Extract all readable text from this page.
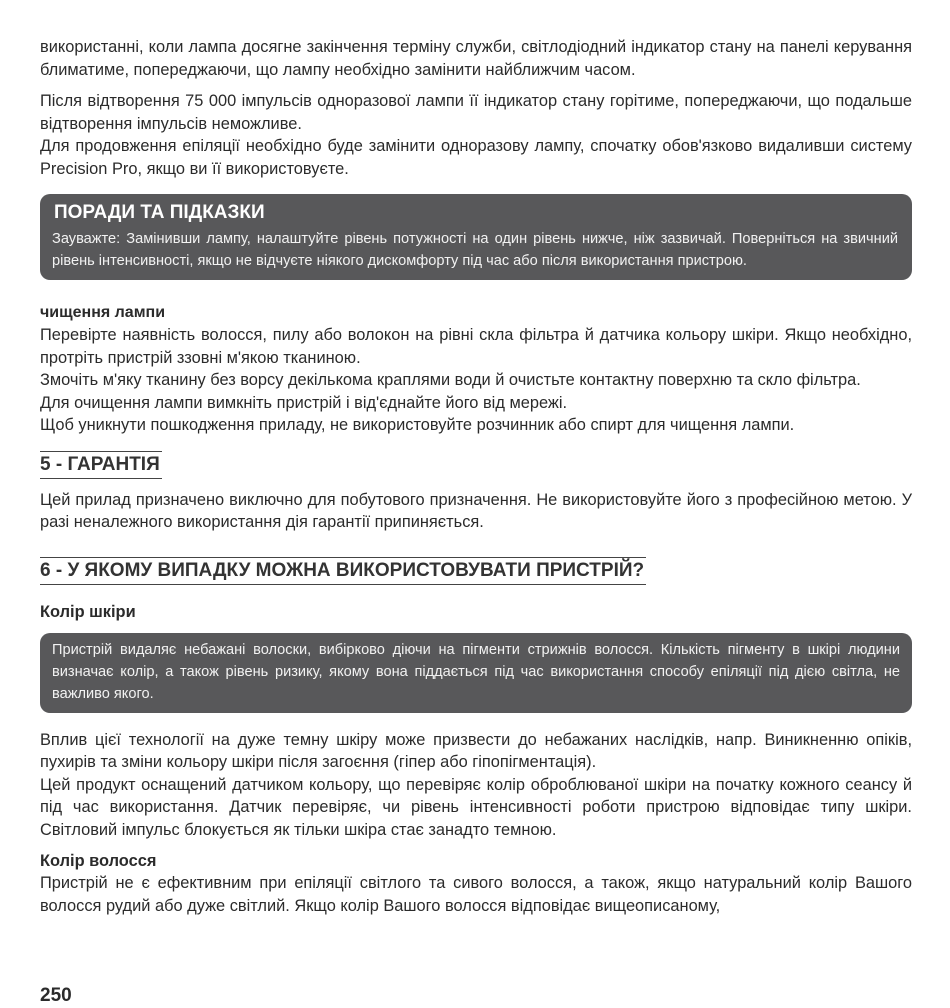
використанні, коли лампа досягне закінчення терміну служби, світлодіодний індикатор стану на панелі керування блиматиме, попереджаючи, що лампу необхідно замінити найближчим часом.

Після відтворення 75 000 імпульсів одноразової лампи її індикатор стану горітиме, попереджаючи, що подальше відтворення імпульсів неможливе.

Для продовження епіляції необхідно буде замінити одноразову лампу, спочатку обов'язково видаливши систему Precision Pro, якщо ви її використовуєте.

ПОРАДИ ТА ПІДКАЗКИ
Зауважте: Замінивши лампу, налаштуйте рівень потужності на один рівень нижче, ніж зазвичай. Поверніться на звичний рівень інтенсивності, якщо не відчуєте ніякого дискомфорту під час або після використання пристрою.
чищення лампи

Перевірте наявність волосся, пилу або волокон на рівні скла фільтра й датчика кольору шкіри. Якщо необхідно, протріть пристрій ззовні м'якою тканиною.

Змочіть м'яку тканину без ворсу декількома краплями води й очистьте контактну поверхню та скло фільтра.

Для очищення лампи вимкніть пристрій і від'єднайте його від мережі.

Щоб уникнути пошкодження приладу, не використовуйте розчинник або спирт для чищення лампи.

5 - ГАРАНТІЯ

Цей прилад призначено виключно для побутового призначення. Не використовуйте його з професійною метою. У разі неналежного використання дія гарантії припиняється.

6 - У ЯКОМУ ВИПАДКУ МОЖНА ВИКОРИСТОВУВАТИ ПРИСТРІЙ?
Колір шкіри

Пристрій видаляє небажані волоски, вибірково діючи на пігменти стрижнів волосся. Кількість пігменту в шкірі людини визначає колір, а також рівень ризику, якому вона піддається під час використання способу епіляції під дією світла, не важливо якого.

Вплив цієї технології на дуже темну шкіру може призвести до небажаних наслідків, напр. Виникненню опіків, пухирів та зміни кольору шкіри після загоєння (гіпер або гіпопігментація).

Цей продукт оснащений датчиком кольору, що перевіряє колір оброблюваної шкіри на початку кожного сеансу й під час використання. Датчик перевіряє, чи рівень інтенсивності роботи пристрою відповідає типу шкіри. Світловий імпульс блокується як тільки шкіра стає занадто темною.

Колір волосся

Пристрій не є ефективним при епіляції світлого та сивого волосся, а також, якщо натуральний колір Вашого волосся рудий або дуже світлий. Якщо колір Вашого волосся відповідає вищеописаному,

250
